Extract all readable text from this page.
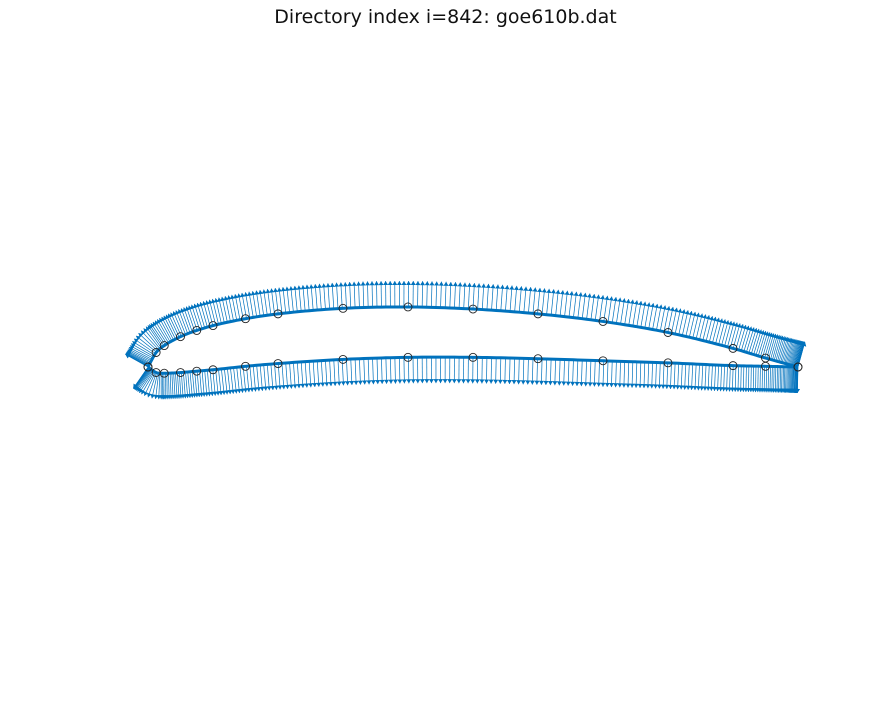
Directory index i=842: goe610b.dat
